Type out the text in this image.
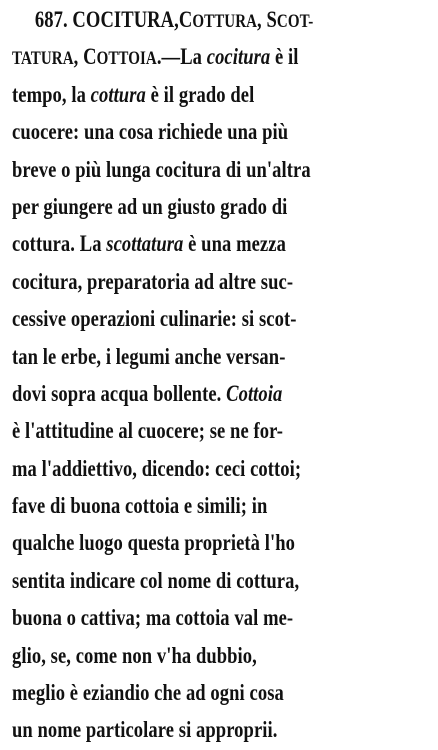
687. COCITURA,COTTURA, SCOT-
TATURA, COTTOIA.—La cocitura è il
tempo, la cottura è il grado del
cuocere: una cosa richiede una più
breve o più lunga cocitura di un'altra
per giungere ad un giusto grado di
cottura. La scottatura è una mezza
cocitura, preparatoria ad altre suc-
cessive operazioni culinarie: si scot-
tan le erbe, i legumi anche versan-
dovi sopra acqua bollente. Cottoia
è l'attitudine al cuocere; se ne for-
ma l'addiettivo, dicendo: ceci cottoi;
fave di buona cottoia e simili; in
qualche luogo questa proprietà l'ho
sentita indicare col nome di cottura,
buona o cattiva; ma cottoia val me-
glio, se, come non v'ha dubbio,
meglio è eziandio che ad ogni cosa
un nome particolare si approprii.
